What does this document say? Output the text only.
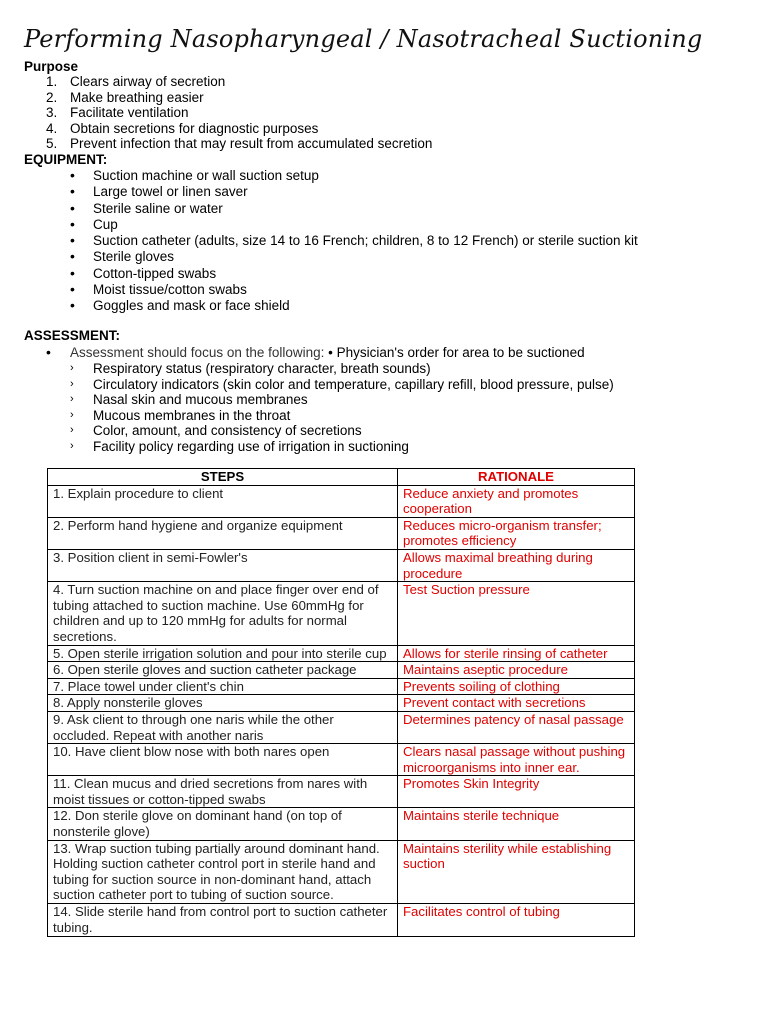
Performing Nasopharyngeal / Nasotracheal Suctioning
Purpose
1. Clears airway of secretion
2. Make breathing easier
3. Facilitate ventilation
4. Obtain secretions for diagnostic purposes
5. Prevent infection that may result from accumulated secretion
EQUIPMENT:
• Suction machine or wall suction setup
• Large towel or linen saver
• Sterile saline or water
• Cup
• Suction catheter (adults, size 14 to 16 French; children, 8 to 12 French) or sterile suction kit
• Sterile gloves
• Cotton-tipped swabs
• Moist tissue/cotton swabs
• Goggles and mask or face shield
ASSESSMENT:
• Assessment should focus on the following: • Physician's order for area to be suctioned
› Respiratory status (respiratory character, breath sounds)
› Circulatory indicators (skin color and temperature, capillary refill, blood pressure, pulse)
› Nasal skin and mucous membranes
› Mucous membranes in the throat
› Color, amount, and consistency of secretions
› Facility policy regarding use of irrigation in suctioning
STEPS	RATIONALE
1. Explain procedure to client	Reduce anxiety and promotes cooperation
2. Perform hand hygiene and organize equipment	Reduces micro-organism transfer; promotes efficiency
3. Position client in semi-Fowler's	Allows maximal breathing during procedure
4. Turn suction machine on and place finger over end of tubing attached to suction machine. Use 60mmHg for children and up to 120 mmHg for adults for normal secretions.	Test Suction pressure
5. Open sterile irrigation solution and pour into sterile cup	Allows for sterile rinsing of catheter
6. Open sterile gloves and suction catheter package	Maintains aseptic procedure
7. Place towel under client's chin	Prevents soiling of clothing
8. Apply nonsterile gloves	Prevent contact with secretions
9. Ask client to through one naris while the other occluded. Repeat with another naris	Determines patency of nasal passage
10. Have client blow nose with both nares open	Clears nasal passage without pushing microorganisms into inner ear.
11. Clean mucus and dried secretions from nares with moist tissues or cotton-tipped swabs	Promotes Skin Integrity
12. Don sterile glove on dominant hand (on top of nonsterile glove)	Maintains sterile technique
13. Wrap suction tubing partially around dominant hand. Holding suction catheter control port in sterile hand and tubing for suction source in non-dominant hand, attach suction catheter port to tubing of suction source.	Maintains sterility while establishing suction
14. Slide sterile hand from control port to suction catheter tubing.	Facilitates control of tubing
